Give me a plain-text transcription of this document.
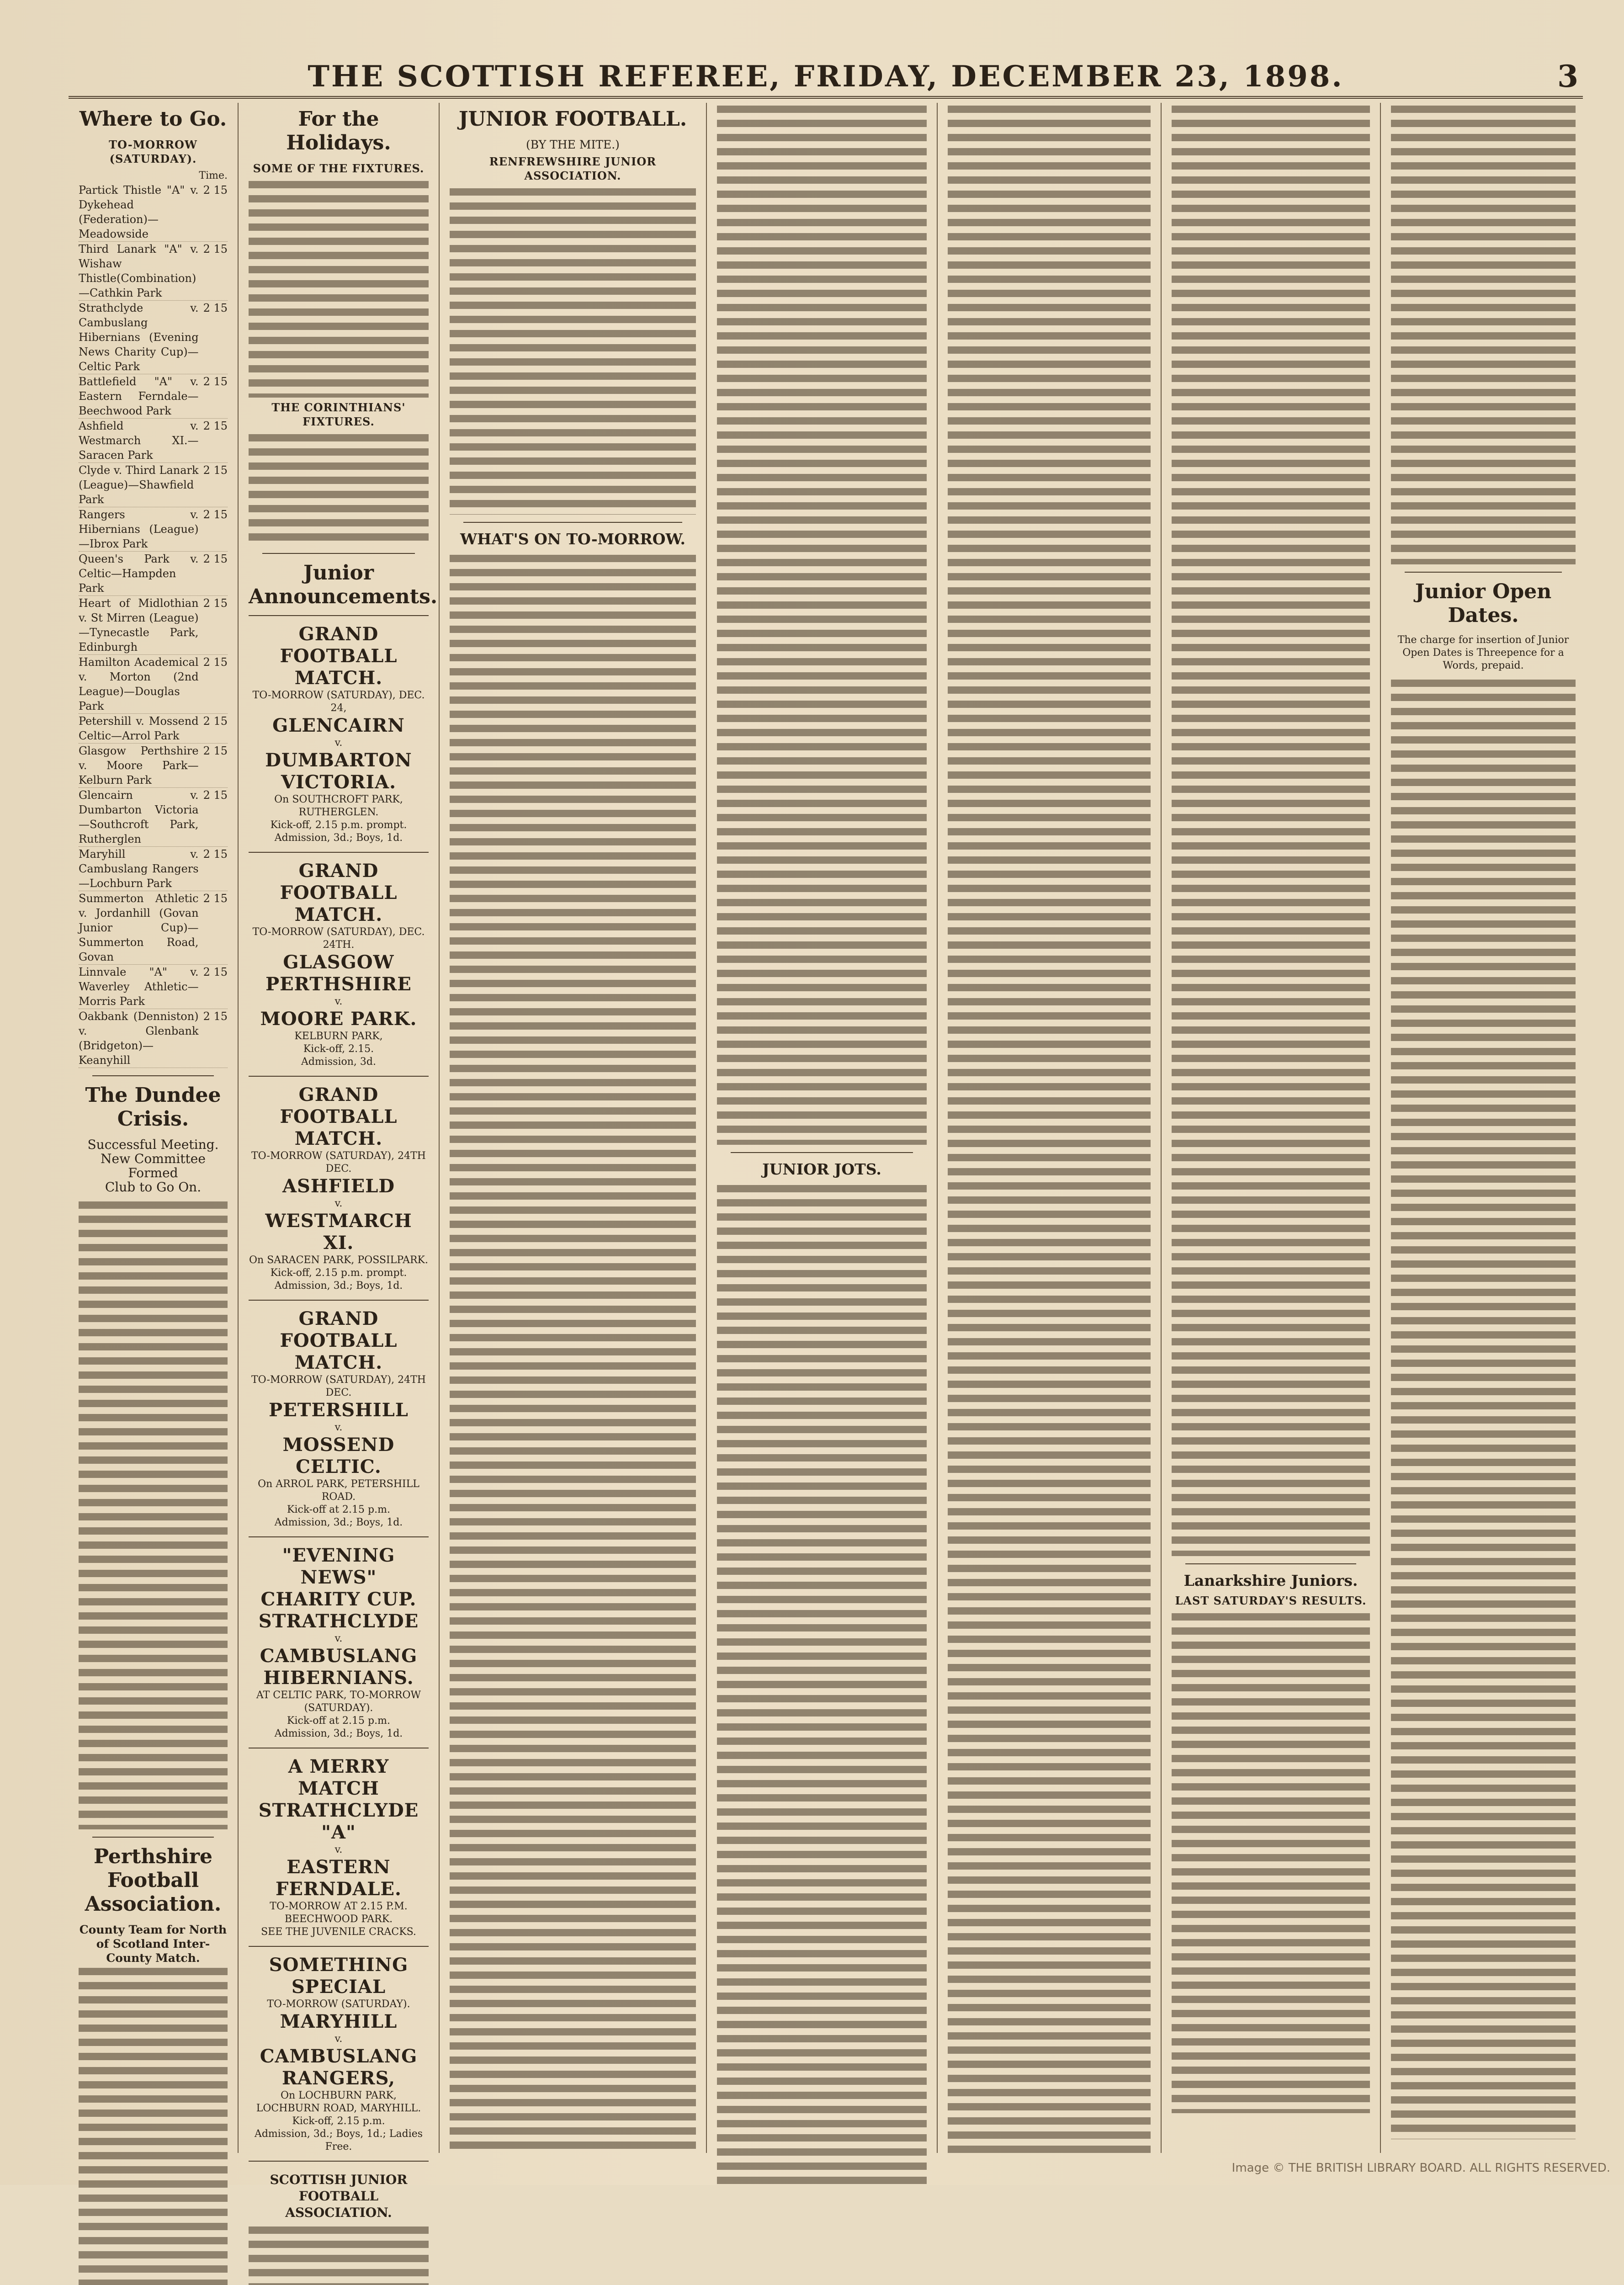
THE SCOTTISH REFEREE, FRIDAY, DECEMBER 23, 1898.	3
Where to Go.
TO-MORROW (SATURDAY).
Time.
Partick Thistle "A" v. Dykehead (Federation)—Meadowside
2 15
Third Lanark "A" v. Wishaw Thistle(Combination)—Cathkin Park
2 15
Strathclyde v. Cambuslang Hibernians (Evening News Charity Cup)—Celtic Park
2 15
Battlefield "A" v. Eastern Ferndale—Beechwood Park
2 15
Ashfield v. Westmarch XI.—Saracen Park
2 15
Clyde v. Third Lanark (League)—Shawfield Park
2 15
Rangers v. Hibernians (League)—Ibrox Park
2 15
Queen's Park v. Celtic—Hampden Park
2 15
Heart of Midlothian v. St Mirren (League)—Tynecastle Park, Edinburgh
2 15
Hamilton Academical v. Morton (2nd League)—Douglas Park
2 15
Petershill v. Mossend Celtic—Arrol Park
2 15
Glasgow Perthshire v. Moore Park—Kelburn Park
2 15
Glencairn v. Dumbarton Victoria—Southcroft Park, Rutherglen
2 15
Maryhill v. Cambuslang Rangers—Lochburn Park
2 15
Summerton Athletic v. Jordanhill (Govan Junior Cup)—Summerton Road, Govan
2 15
Linnvale "A" v. Waverley Athletic—Morris Park
2 15
Oakbank (Denniston) v. Glenbank (Bridgeton)—Keanyhill
2 15
The Dundee Crisis.
Successful Meeting.
New Committee Formed
Club to Go On.
Perthshire Football Association.
County Team for North of Scotland Inter-County Match.
For the Holidays.
SOME OF THE FIXTURES.
THE CORINTHIANS' FIXTURES.
Junior Announcements.
GRAND FOOTBALL MATCH.
TO-MORROW (SATURDAY), DEC. 24,
GLENCAIRN
v.
DUMBARTON VICTORIA.
On SOUTHCROFT PARK, RUTHERGLEN.
Kick-off, 2.15 p.m. prompt.
Admission, 3d.; Boys, 1d.
GRAND FOOTBALL MATCH.
TO-MORROW (SATURDAY), DEC. 24TH.
GLASGOW PERTHSHIRE
v.
MOORE PARK.
KELBURN PARK,
Kick-off, 2.15.
Admission, 3d.
GRAND FOOTBALL MATCH.
TO-MORROW (SATURDAY), 24TH DEC.
ASHFIELD
v.
WESTMARCH XI.
On SARACEN PARK, POSSILPARK.
Kick-off, 2.15 p.m. prompt.
Admission, 3d.; Boys, 1d.
GRAND FOOTBALL MATCH.
TO-MORROW (SATURDAY), 24TH DEC.
PETERSHILL
v.
MOSSEND CELTIC.
On ARROL PARK, PETERSHILL ROAD.
Kick-off at 2.15 p.m.
Admission, 3d.; Boys, 1d.
"EVENING NEWS" CHARITY CUP.
STRATHCLYDE
v.
CAMBUSLANG HIBERNIANS.
AT CELTIC PARK, TO-MORROW (SATURDAY).
Kick-off at 2.15 p.m.
Admission, 3d.; Boys, 1d.
A MERRY MATCH
STRATHCLYDE "A"
v.
EASTERN FERNDALE.
TO-MORROW AT 2.15 P.M. BEECHWOOD PARK.
SEE THE JUVENILE CRACKS.
SOMETHING SPECIAL
TO-MORROW (SATURDAY).
MARYHILL
v.
CAMBUSLANG RANGERS,
On LOCHBURN PARK, LOCHBURN ROAD, MARYHILL.
Kick-off, 2.15 p.m.
Admission, 3d.; Boys, 1d.; Ladies Free.
SCOTTISH JUNIOR FOOTBALL ASSOCIATION.
JUNIOR FOOTBALL.
(BY THE MITE.)
RENFREWSHIRE JUNIOR ASSOCIATION.
WHAT'S ON TO-MORROW.
JUNIOR JOTS.
Lanarkshire Juniors.
LAST SATURDAY'S RESULTS.
Junior Open Dates.
The charge for insertion of Junior Open Dates is Threepence for a Words, prepaid.
Image © THE BRITISH LIBRARY BOARD. ALL RIGHTS RESERVED.
